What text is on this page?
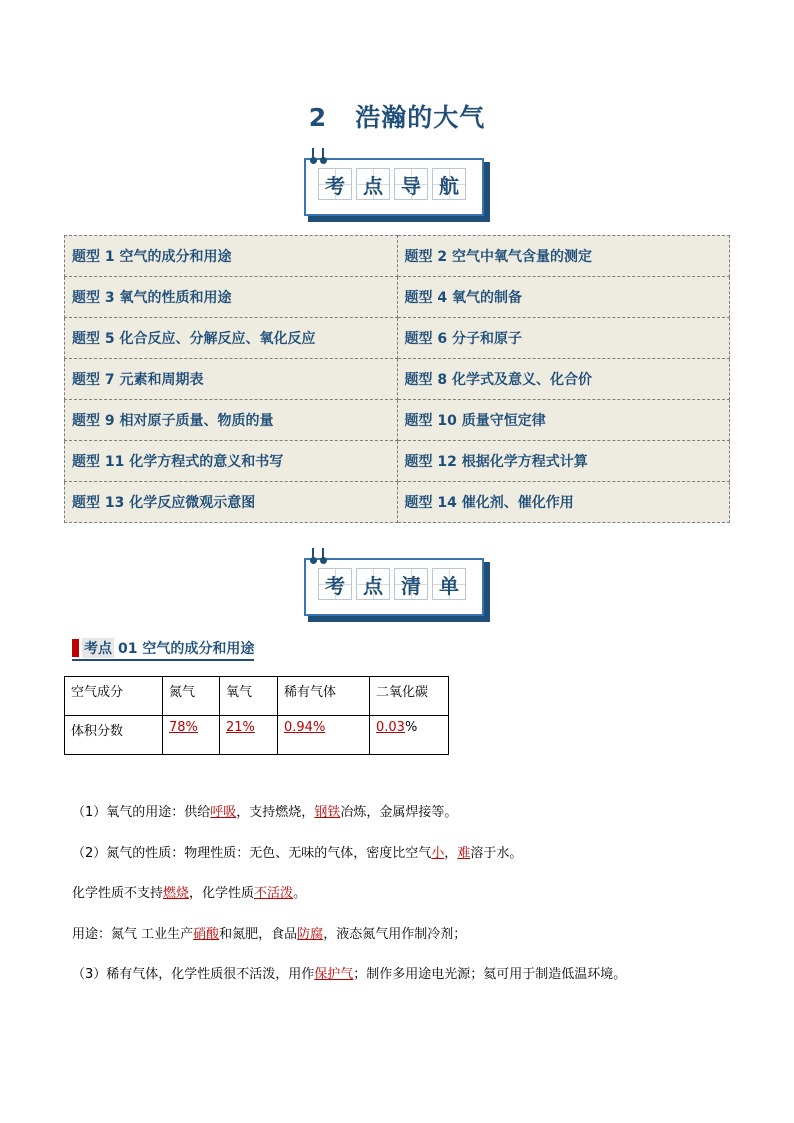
2 浩瀚的大气
考 点 导 航
题型 1 空气的成分和用途	题型 2 空气中氧气含量的测定
题型 3 氧气的性质和用途	题型 4 氧气的制备
题型 5 化合反应、分解反应、氧化反应	题型 6 分子和原子
题型 7 元素和周期表	题型 8 化学式及意义、化合价
题型 9 相对原子质量、物质的量	题型 10 质量守恒定律
题型 11 化学方程式的意义和书写	题型 12 根据化学方程式计算
题型 13 化学反应微观示意图	题型 14 催化剂、催化作用
考 点 清 单
考点 01 空气的成分和用途
空气成分	氮气	氧气	稀有气体	二氧化碳
体积分数	78%	21%	0.94%	0.03%
（1）氧气的用途：供给呼吸，支持燃烧，钢铁冶炼，金属焊接等。
（2）氮气的性质：物理性质：无色、无味的气体，密度比空气小，难溶于水。
化学性质不支持燃烧，化学性质不活泼。
用途：氮气 工业生产硝酸和氮肥，食品防腐，液态氮气用作制冷剂；
（3）稀有气体，化学性质很不活泼，用作保护气；制作多用途电光源；氦可用于制造低温环境。
